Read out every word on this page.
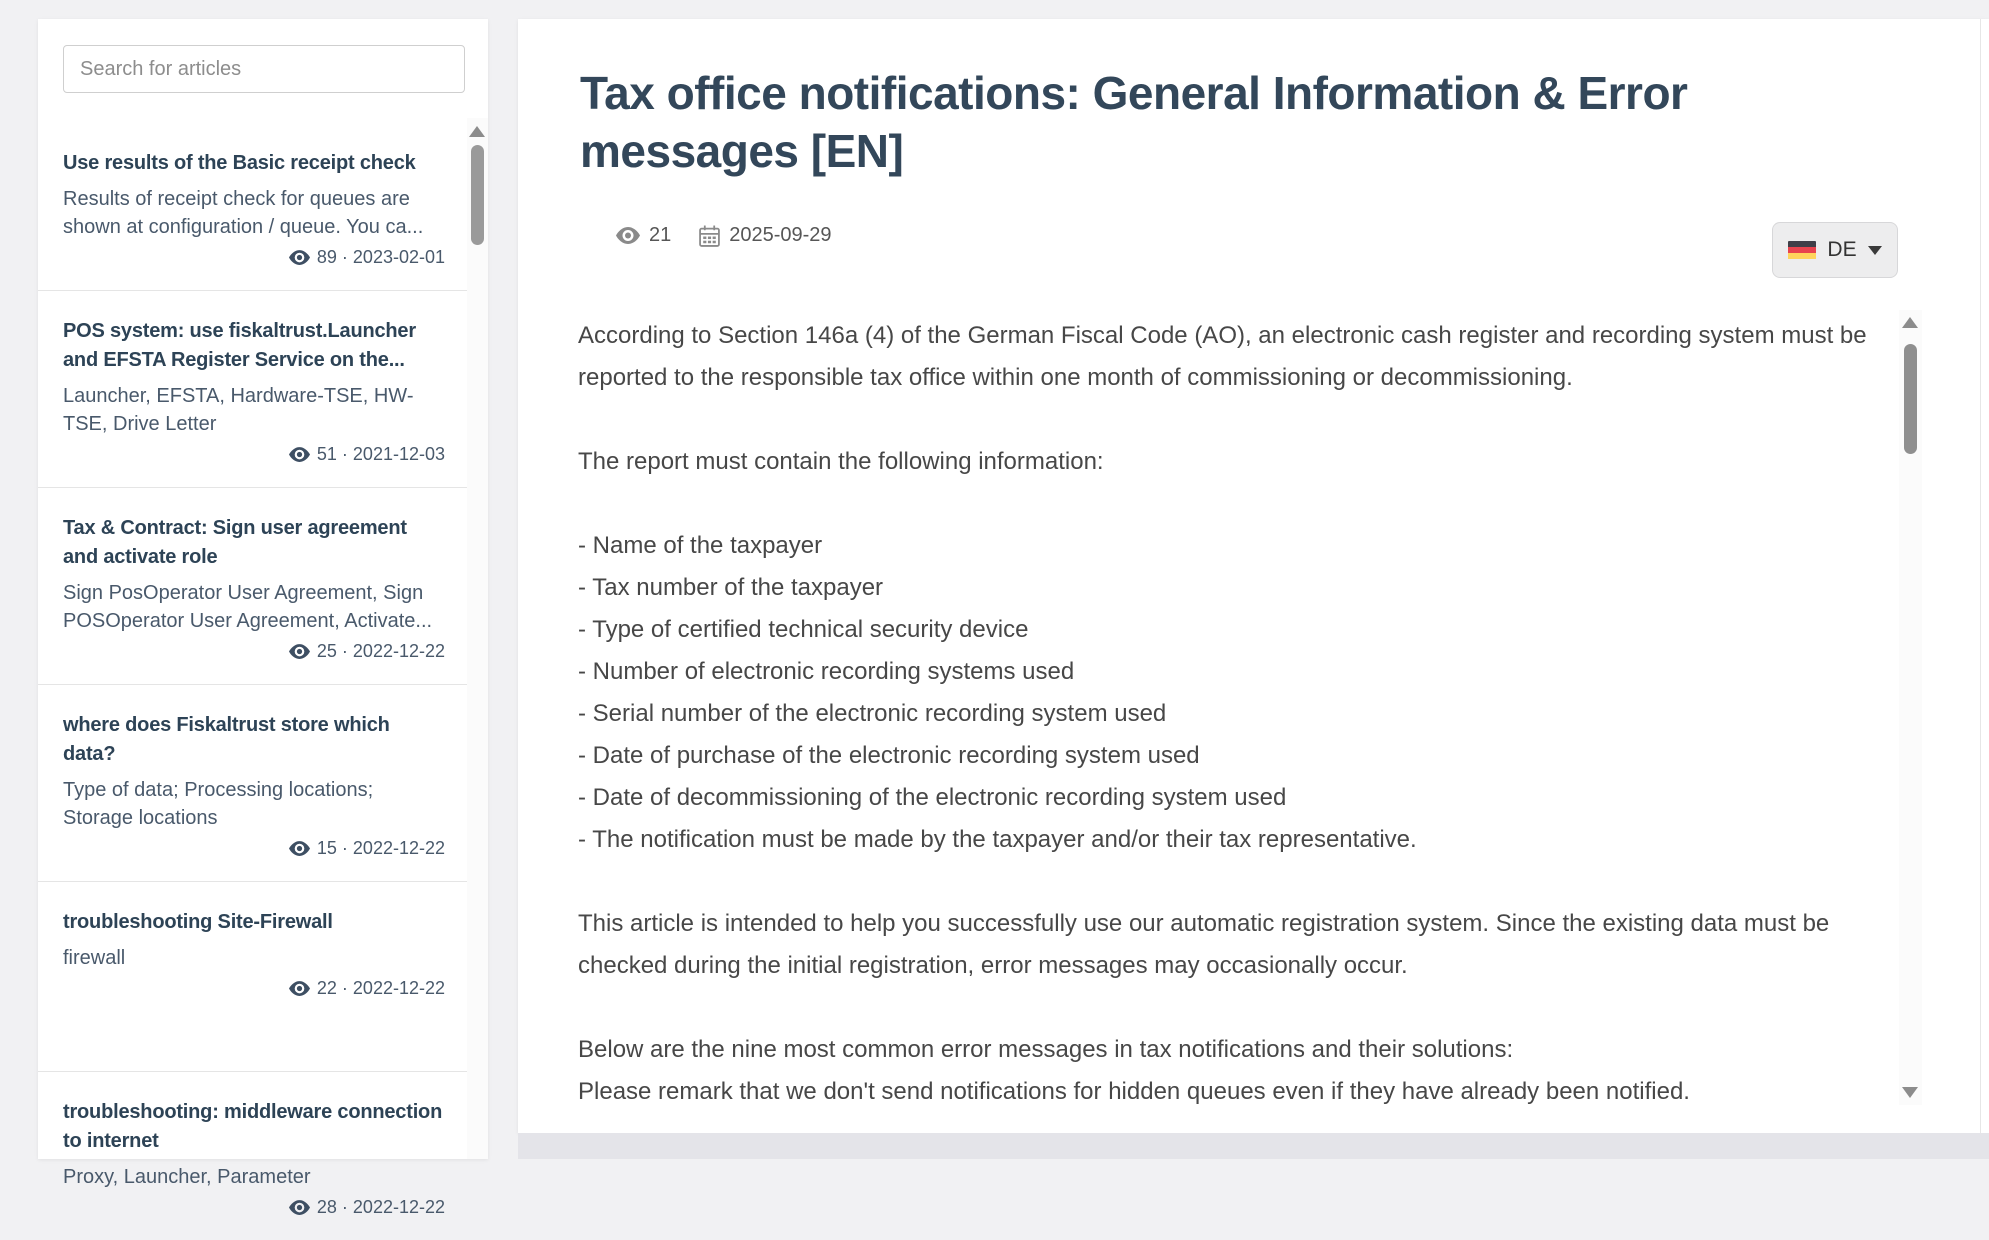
Search for articles
Use results of the Basic receipt check
Results of receipt check for queues are shown at configuration / queue. You ca...
89 · 2023-02-01
POS system: use fiskaltrust.Launcher and EFSTA Register Service on the...
Launcher, EFSTA, Hardware-TSE, HW-TSE, Drive Letter
51 · 2021-12-03
Tax & Contract: Sign user agreement and activate role
Sign PosOperator User Agreement, Sign POSOperator User Agreement, Activate...
25 · 2022-12-22
where does Fiskaltrust store which data?
Type of data; Processing locations; Storage locations
15 · 2022-12-22
troubleshooting Site-Firewall
firewall
22 · 2022-12-22
troubleshooting: middleware connection to internet
Proxy, Launcher, Parameter
28 · 2022-12-22
Tax office notifications: General Information & Error messages [EN]
21	2025-09-29
DE

According to Section 146a (4) of the German Fiscal Code (AO), an electronic cash register and recording system must be reported to the responsible tax office within one month of commissioning or decommissioning.

The report must contain the following information:

- Name of the taxpayer
- Tax number of the taxpayer
- Type of certified technical security device
- Number of electronic recording systems used
- Serial number of the electronic recording system used
- Date of purchase of the electronic recording system used
- Date of decommissioning of the electronic recording system used
- The notification must be made by the taxpayer and/or their tax representative.

This article is intended to help you successfully use our automatic registration system. Since the existing data must be checked during the initial registration, error messages may occasionally occur.

Below are the nine most common error messages in tax notifications and their solutions:
Please remark that we don't send notifications for hidden queues even if they have already been notified.
